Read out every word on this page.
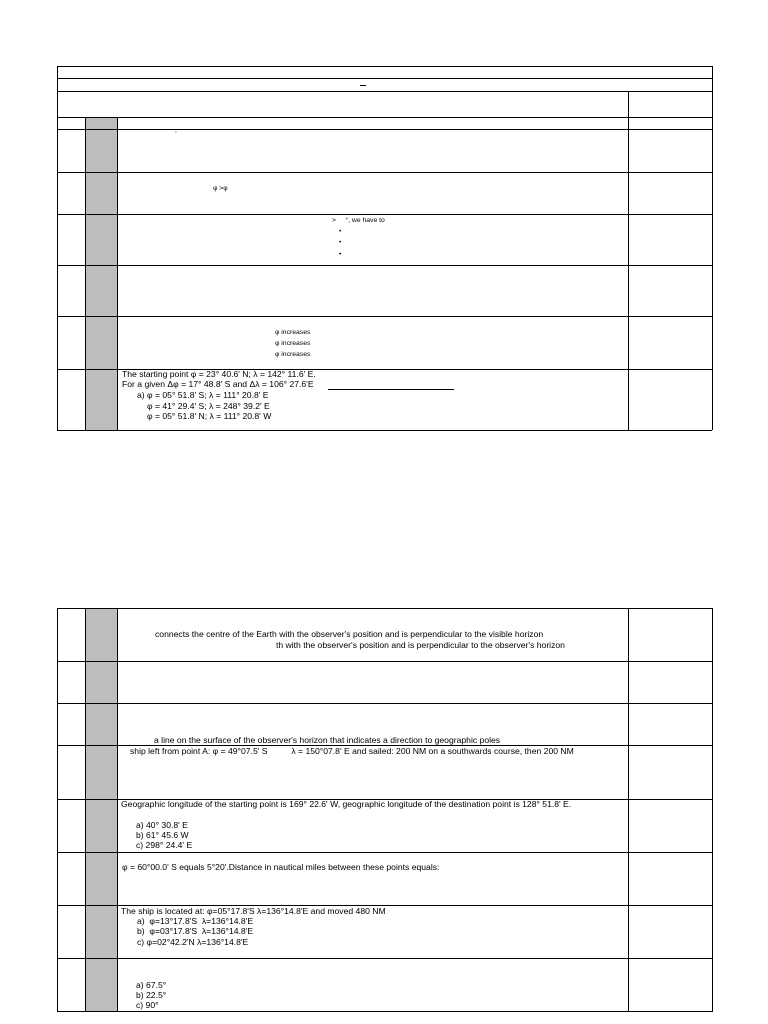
,
φ >φ
>     °, we have to
•
•
•
φ increases
φ increases
φ increases
The starting point φ = 23° 40.6' N; λ = 142° 11.6' E.
For a given Δφ = 17° 48.8' S and Δλ = 106° 27.6'E
a) φ = 05° 51.8' S; λ = 111° 20.8' E
φ = 41° 29.4' S; λ = 248° 39.2' E
φ = 05° 51.8' N; λ = 111° 20.8' W
connects the centre of the Earth with the observer's position and is perpendicular to the visible horizon
th with the observer's position and is perpendicular to the observer's horizon
a line on the surface of the observer's horizon that indicates a direction to geographic poles
ship left from point A: φ = 49°07.5' S          λ = 150°07.8' E and sailed: 200 NM on a southwards course, then 200 NM
Geographic longitude of the starting point is 169° 22.6' W, geographic longitude of the destination point is 128° 51.8' E.
a) 40° 30.8' E
b) 61° 45.6 W
c) 298° 24.4' E
φ = 60°00.0' S equals 5°20'.Distance in nautical miles between these points equals:
The ship is located at: φ=05°17.8'S λ=136°14.8'E and moved 480 NM
a)  φ=13°17.8'S  λ=136°14.8'E
b)  φ=03°17.8'S  λ=136°14.8'E
c) φ=02°42.2'N λ=136°14.8'E
a) 67.5°
b) 22.5°
c) 90°
